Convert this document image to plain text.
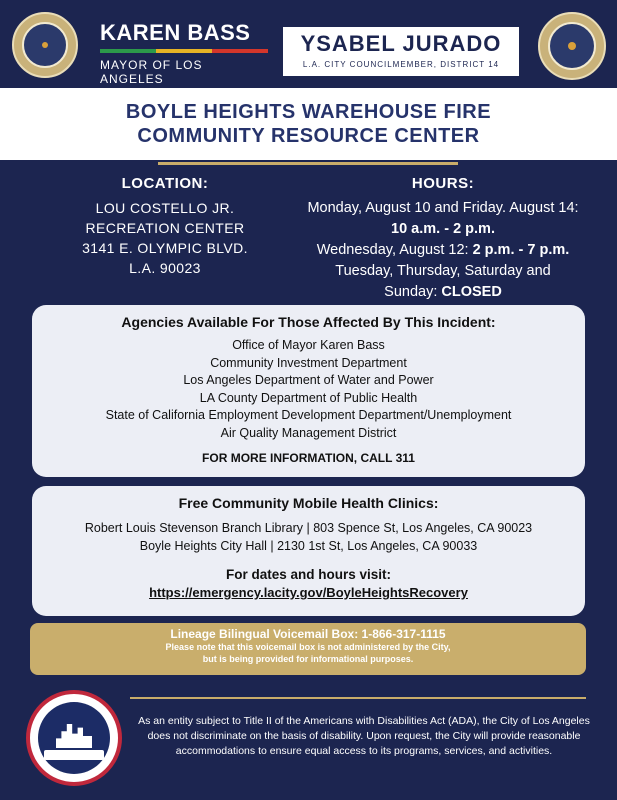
KAREN BASS
MAYOR OF LOS ANGELES
YSABEL JURADO
L.A. CITY COUNCILMEMBER, DISTRICT 14
BOYLE HEIGHTS WAREHOUSE FIRE
COMMUNITY RESOURCE CENTER
LOCATION:
LOU COSTELLO JR.
RECREATION CENTER
3141 E. OLYMPIC BLVD.
L.A. 90023
HOURS:
Monday, August 10 and Friday. August 14:
10 a.m. - 2 p.m.
Wednesday, August 12: 2 p.m. - 7 p.m.
Tuesday, Thursday, Saturday and
Sunday: CLOSED
Agencies Available For Those Affected By This Incident:
Office of Mayor Karen Bass
Community Investment Department
Los Angeles Department of Water and Power
LA County Department of Public Health
State of California Employment Development Department/Unemployment
Air Quality Management District
FOR MORE INFORMATION, CALL 311
Free Community Mobile Health Clinics:
Robert Louis Stevenson Branch Library | 803 Spence St, Los Angeles, CA 90023
Boyle Heights City Hall | 2130 1st St, Los Angeles, CA 90033
For dates and hours visit:
https://emergency.lacity.gov/BoyleHeightsRecovery
Lineage Bilingual Voicemail Box: 1-866-317-1115
Please note that this voicemail box is not administered by the City,
but is being provided for informational purposes.
As an entity subject to Title II of the Americans with Disabilities Act (ADA), the City of Los Angeles does not discriminate on the basis of disability. Upon request, the City will provide reasonable accommodations to ensure equal access to its programs, services, and activities.
